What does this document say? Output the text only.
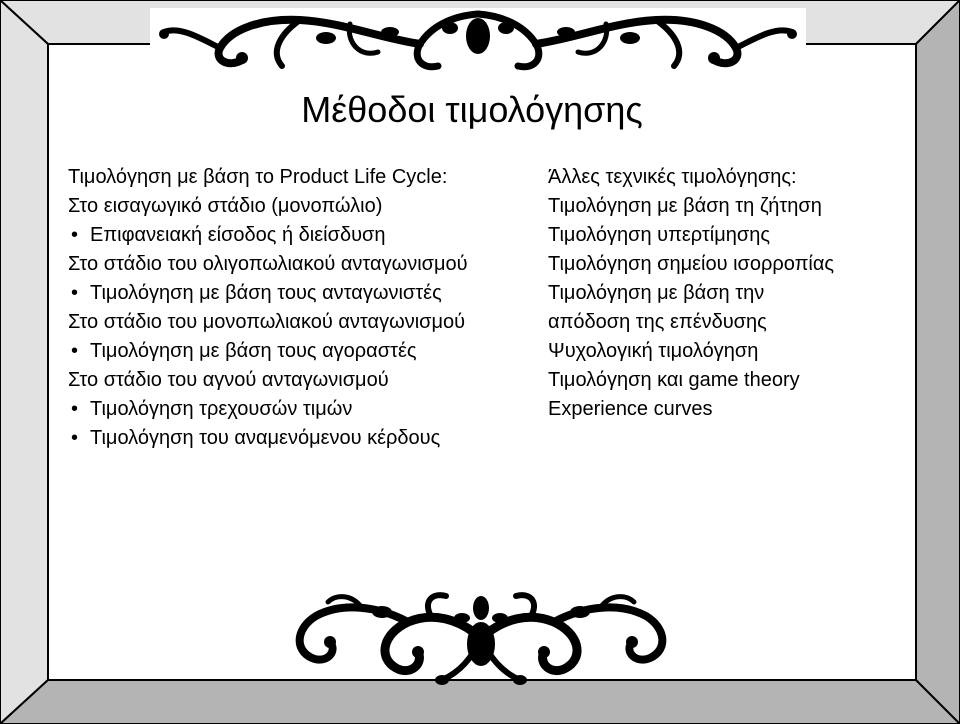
Μέθοδοι τιμολόγησης
Τιμολόγηση με βάση το Product Life Cycle:
Στο εισαγωγικό στάδιο (μονοπώλιο)
• Επιφανειακή είσοδος ή διείσδυση
Στο στάδιο του ολιγοπωλιακού ανταγωνισμού
• Τιμολόγηση με βάση τους ανταγωνιστές
Στο στάδιο του μονοπωλιακού ανταγωνισμού
• Τιμολόγηση με βάση τους αγοραστές
Στο στάδιο του αγνού ανταγωνισμού
• Τιμολόγηση τρεχουσών τιμών
• Τιμολόγηση του αναμενόμενου κέρδους
Άλλες τεχνικές τιμολόγησης:
Τιμολόγηση με βάση τη ζήτηση
Τιμολόγηση υπερτίμησης
Τιμολόγηση σημείου ισορροπίας
Τιμολόγηση με βάση την
απόδοση της επένδυσης
Ψυχολογική τιμολόγηση
Τιμολόγηση και game theory
Experience curves
